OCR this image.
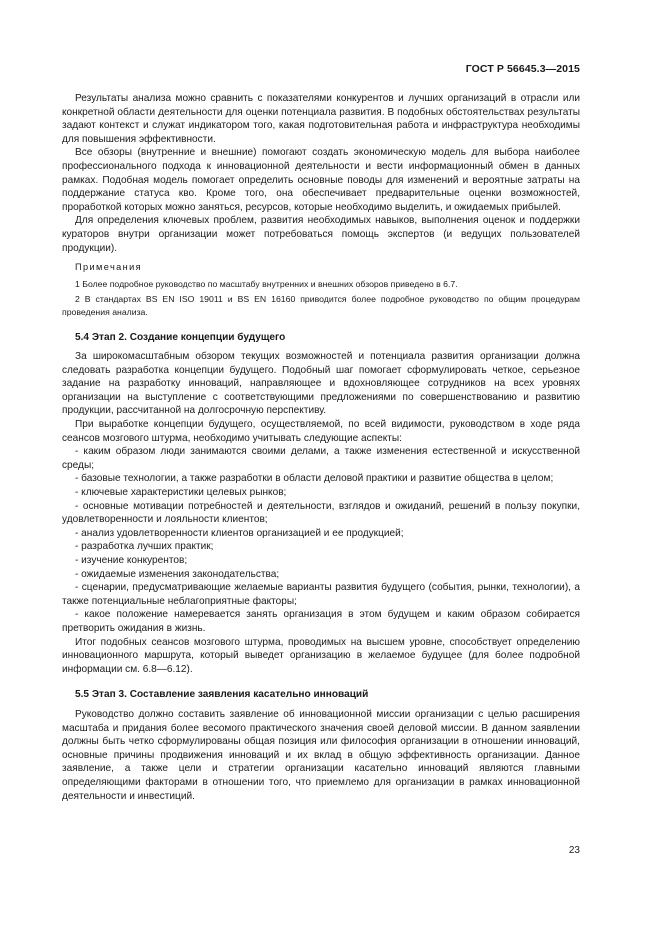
ГОСТ Р 56645.3—2015

Результаты анализа можно сравнить с показателями конкурентов и лучших организаций в отрасли или конкретной области деятельности для оценки потенциала развития. В подобных обстоятельствах результаты задают контекст и служат индикатором того, какая подготовительная работа и инфраструктура необходимы для повышения эффективности.

Все обзоры (внутренние и внешние) помогают создать экономическую модель для выбора наиболее профессионального подхода к инновационной деятельности и вести информационный обмен в данных рамках. Подобная модель помогает определить основные поводы для изменений и вероятные затраты на поддержание статуса кво. Кроме того, она обеспечивает предварительные оценки возможностей, проработкой которых можно заняться, ресурсов, которые необходимо выделить, и ожидаемых прибылей.

Для определения ключевых проблем, развития необходимых навыков, выполнения оценок и поддержки кураторов внутри организации может потребоваться помощь экспертов (и ведущих пользователей продукции).

Примечания
1 Более подробное руководство по масштабу внутренних и внешних обзоров приведено в 6.7.
2 В стандартах BS EN ISO 19011 и BS EN 16160 приводится более подробное руководство по общим процедурам проведения анализа.
5.4 Этап 2. Создание концепции будущего

За широкомасштабным обзором текущих возможностей и потенциала развития организации должна следовать разработка концепции будущего. Подобный шаг помогает сформулировать четкое, серьезное задание на разработку инноваций, направляющее и вдохновляющее сотрудников на всех уровнях организации на выступление с соответствующими предложениями по совершенствованию и развитию продукции, рассчитанной на долгосрочную перспективу.

При выработке концепции будущего, осуществляемой, по всей видимости, руководством в ходе ряда сеансов мозгового штурма, необходимо учитывать следующие аспекты:

- каким образом люди занимаются своими делами, а также изменения естественной и искусственной среды;
- базовые технологии, а также разработки в области деловой практики и развитие общества в целом;
- ключевые характеристики целевых рынков;
- основные мотивации потребностей и деятельности, взглядов и ожиданий, решений в пользу покупки, удовлетворенности и лояльности клиентов;
- анализ удовлетворенности клиентов организацией и ее продукцией;
- разработка лучших практик;
- изучение конкурентов;
- ожидаемые изменения законодательства;
- сценарии, предусматривающие желаемые варианты развития будущего (события, рынки, технологии), а также потенциальные неблагоприятные факторы;
- какое положение намеревается занять организация в этом будущем и каким образом собирается претворить ожидания в жизнь.

Итог подобных сеансов мозгового штурма, проводимых на высшем уровне, способствует определению инновационного маршрута, который выведет организацию в желаемое будущее (для более подробной информации см. 6.8—6.12).

5.5 Этап 3. Составление заявления касательно инноваций

Руководство должно составить заявление об инновационной миссии организации с целью расширения масштаба и придания более весомого практического значения своей деловой миссии. В данном заявлении должны быть четко сформулированы общая позиция или философия организации в отношении инноваций, основные причины продвижения инноваций и их вклад в общую эффективность организации. Данное заявление, а также цели и стратегии организации касательно инноваций являются главными определяющими факторами в отношении того, что приемлемо для организации в рамках инновационной деятельности и инвестиций.

23
